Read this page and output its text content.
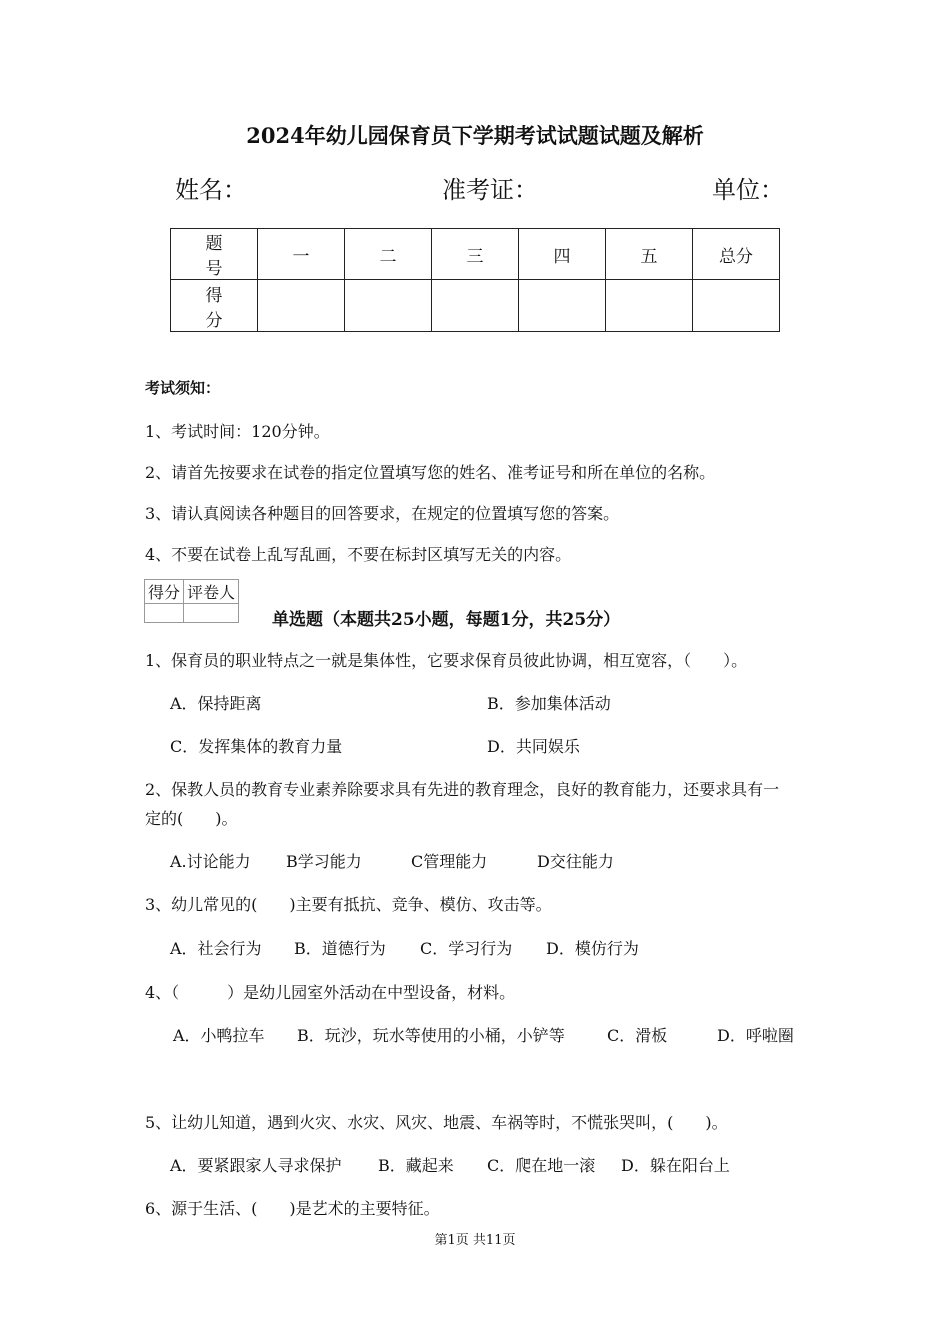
2024年幼儿园保育员下学期考试试题试题及解析
姓名：	准考证：	单位：
题 号	一	二	三	四	五	总分
得 分						
考试须知：
1、考试时间：120分钟。
2、请首先按要求在试卷的指定位置填写您的姓名、准考证号和所在单位的名称。
3、请认真阅读各种题目的回答要求，在规定的位置填写您的答案。
4、不要在试卷上乱写乱画，不要在标封区填写无关的内容。
得分	评卷人

单选题（本题共25小题，每题1分，共25分）
1、保育员的职业特点之一就是集体性，它要求保育员彼此协调，相互宽容，（　　）。
A．保持距离	B．参加集体活动
C．发挥集体的教育力量	D．共同娱乐
2、保教人员的教育专业素养除要求具有先进的教育理念，良好的教育能力，还要求具有一
定的(　　)。
A.讨论能力 B学习能力	C管理能力	D交往能力
3、幼儿常见的(　　)主要有抵抗、竞争、模仿、攻击等。
A．社会行为 B．道德行为 C．学习行为 D．模仿行为
4、（　　　）是幼儿园室外活动在中型设备，材料。
A．小鸭拉车 B．玩沙，玩水等使用的小桶，小铲等	C．滑板	D．呼啦圈
5、让幼儿知道，遇到火灾、水灾、风灾、地震、车祸等时，不慌张哭叫，(　　)。
A．要紧跟家人寻求保护 B．藏起来 C．爬在地一滚 D．躲在阳台上
6、源于生活、(　　)是艺术的主要特征。
第1页 共11页
